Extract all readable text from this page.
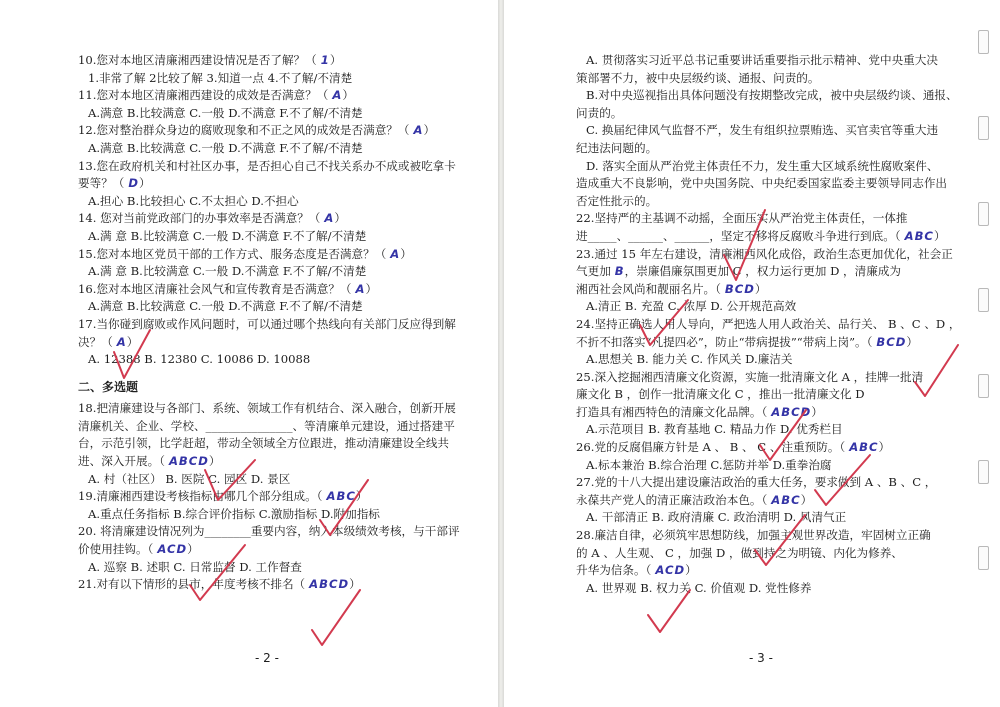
10.您对本地区清廉湘西建设情况是否了解？（ 1）
1.非常了解 2比较了解 3.知道一点 4.不了解/不清楚
11.您对本地区清廉湘西建设的成效是否满意？（ A）
A.满意 B.比较满意 C.一般 D.不满意 F.不了解/不清楚
12.您对整治群众身边的腐败现象和不正之风的成效是否满意？（ A）
A.满意 B.比较满意 C.一般 D.不满意 F.不了解/不清楚
13.您在政府机关和村社区办事，是否担心自己不找关系办不成或被吃拿卡
要等？（ D）
A.担心 B.比较担心 C.不太担心 D.不担心
14. 您对当前党政部门的办事效率是否满意？（ A）
A.满 意 B.比较满意 C.一般 D.不满意 F.不了解/不清楚
15.您对本地区党员干部的工作方式、服务态度是否满意？（ A）
A.满 意 B.比较满意 C.一般 D.不满意 F.不了解/不清楚
16.您对本地区清廉社会风气和宣传教育是否满意？（ A）
A.满意 B.比较满意 C.一般 D.不满意 F.不了解/不清楚
17.当你碰到腐败或作风问题时，可以通过哪个热线向有关部门反应得到解
决？（ A）
A. 12388 B. 12380 C. 10086 D. 10088
二、多选题
18.把清廉建设与各部门、系统、领域工作有机结合、深入融合，创新开展
清廉机关、企业、学校、_______________、等清廉单元建设，通过搭建平
台，示范引领，比学赶超，带动全领域全方位跟进，推动清廉建设全线共
进、深入开展。（ ABCD）
A. 村（社区） B. 医院 C. 园区 D. 景区
19.清廉湘西建设考核指标由哪几个部分组成。（ ABC）
A.重点任务指标 B.综合评价指标 C.激励指标 D.附加指标
20. 将清廉建设情况列为________重要内容，纳入本级绩效考核，与干部评
价使用挂钩。（ ACD）
A. 巡察 B. 述职 C. 日常监督 D. 工作督查
21.对有以下情形的县市，年度考核不排名（ ABCD）
- 2 -
A. 贯彻落实习近平总书记重要讲话重要指示批示精神、党中央重大决
策部署不力，被中央层级约谈、通报、问责的。
B.对中央巡视指出具体问题没有按期整改完成，被中央层级约谈、通报、
问责的。
C. 换届纪律风气监督不严，发生有组织拉票贿选、买官卖官等重大违
纪违法问题的。
D. 落实全面从严治党主体责任不力，发生重大区域系统性腐败案件、
造成重大不良影响，党中央国务院、中央纪委国家监委主要领导同志作出
否定性批示的。
22.坚持严的主基调不动摇，全面压实从严治党主体责任，一体推
进_____、______、______，坚定不移将反腐败斗争进行到底。（ ABC）
23.通过 15 年左右建设，清廉湘西风化成俗，政治生态更加优化，社会正
气更加 B，崇廉倡廉氛围更加 C ，权力运行更加 D ，清廉成为
湘西社会风尚和靓丽名片。（ BCD）
A.清正 B. 充盈 C. 浓厚 D. 公开规范高效
24.坚持正确选人用人导向，严把选人用人政治关、品行关、 B 、C 、D ，
不折不扣落实“凡提四必”，防止“带病提拔”“带病上岗”。（ BCD）
A.思想关 B. 能力关 C. 作风关 D.廉洁关
25.深入挖掘湘西清廉文化资源，实施一批清廉文化 A ，挂牌一批清
廉文化 B ，创作一批清廉文化 C ，推出一批清廉文化 D
打造具有湘西特色的清廉文化品牌。（ ABCD）
A.示范项目 B. 教育基地 C. 精品力作 D. 优秀栏目
26.党的反腐倡廉方针是 A 、 B 、 C 、注重预防。（ ABC）
A.标本兼治 B.综合治理 C.惩防并举 D.重拳治腐
27.党的十八大提出建设廉洁政治的重大任务，要求做到 A 、B 、C ，
永葆共产党人的清正廉洁政治本色。（ ABC）
A. 干部清正 B. 政府清廉 C. 政治清明 D. 风清气正
28.廉洁自律，必须筑牢思想防线，加强主观世界改造，牢固树立正确
的 A 、人生观、 C ，加强 D ，做到持之为明镜、内化为修养、
升华为信条。（ ACD）
A. 世界观 B. 权力关 C. 价值观 D. 党性修养
- 3 -
